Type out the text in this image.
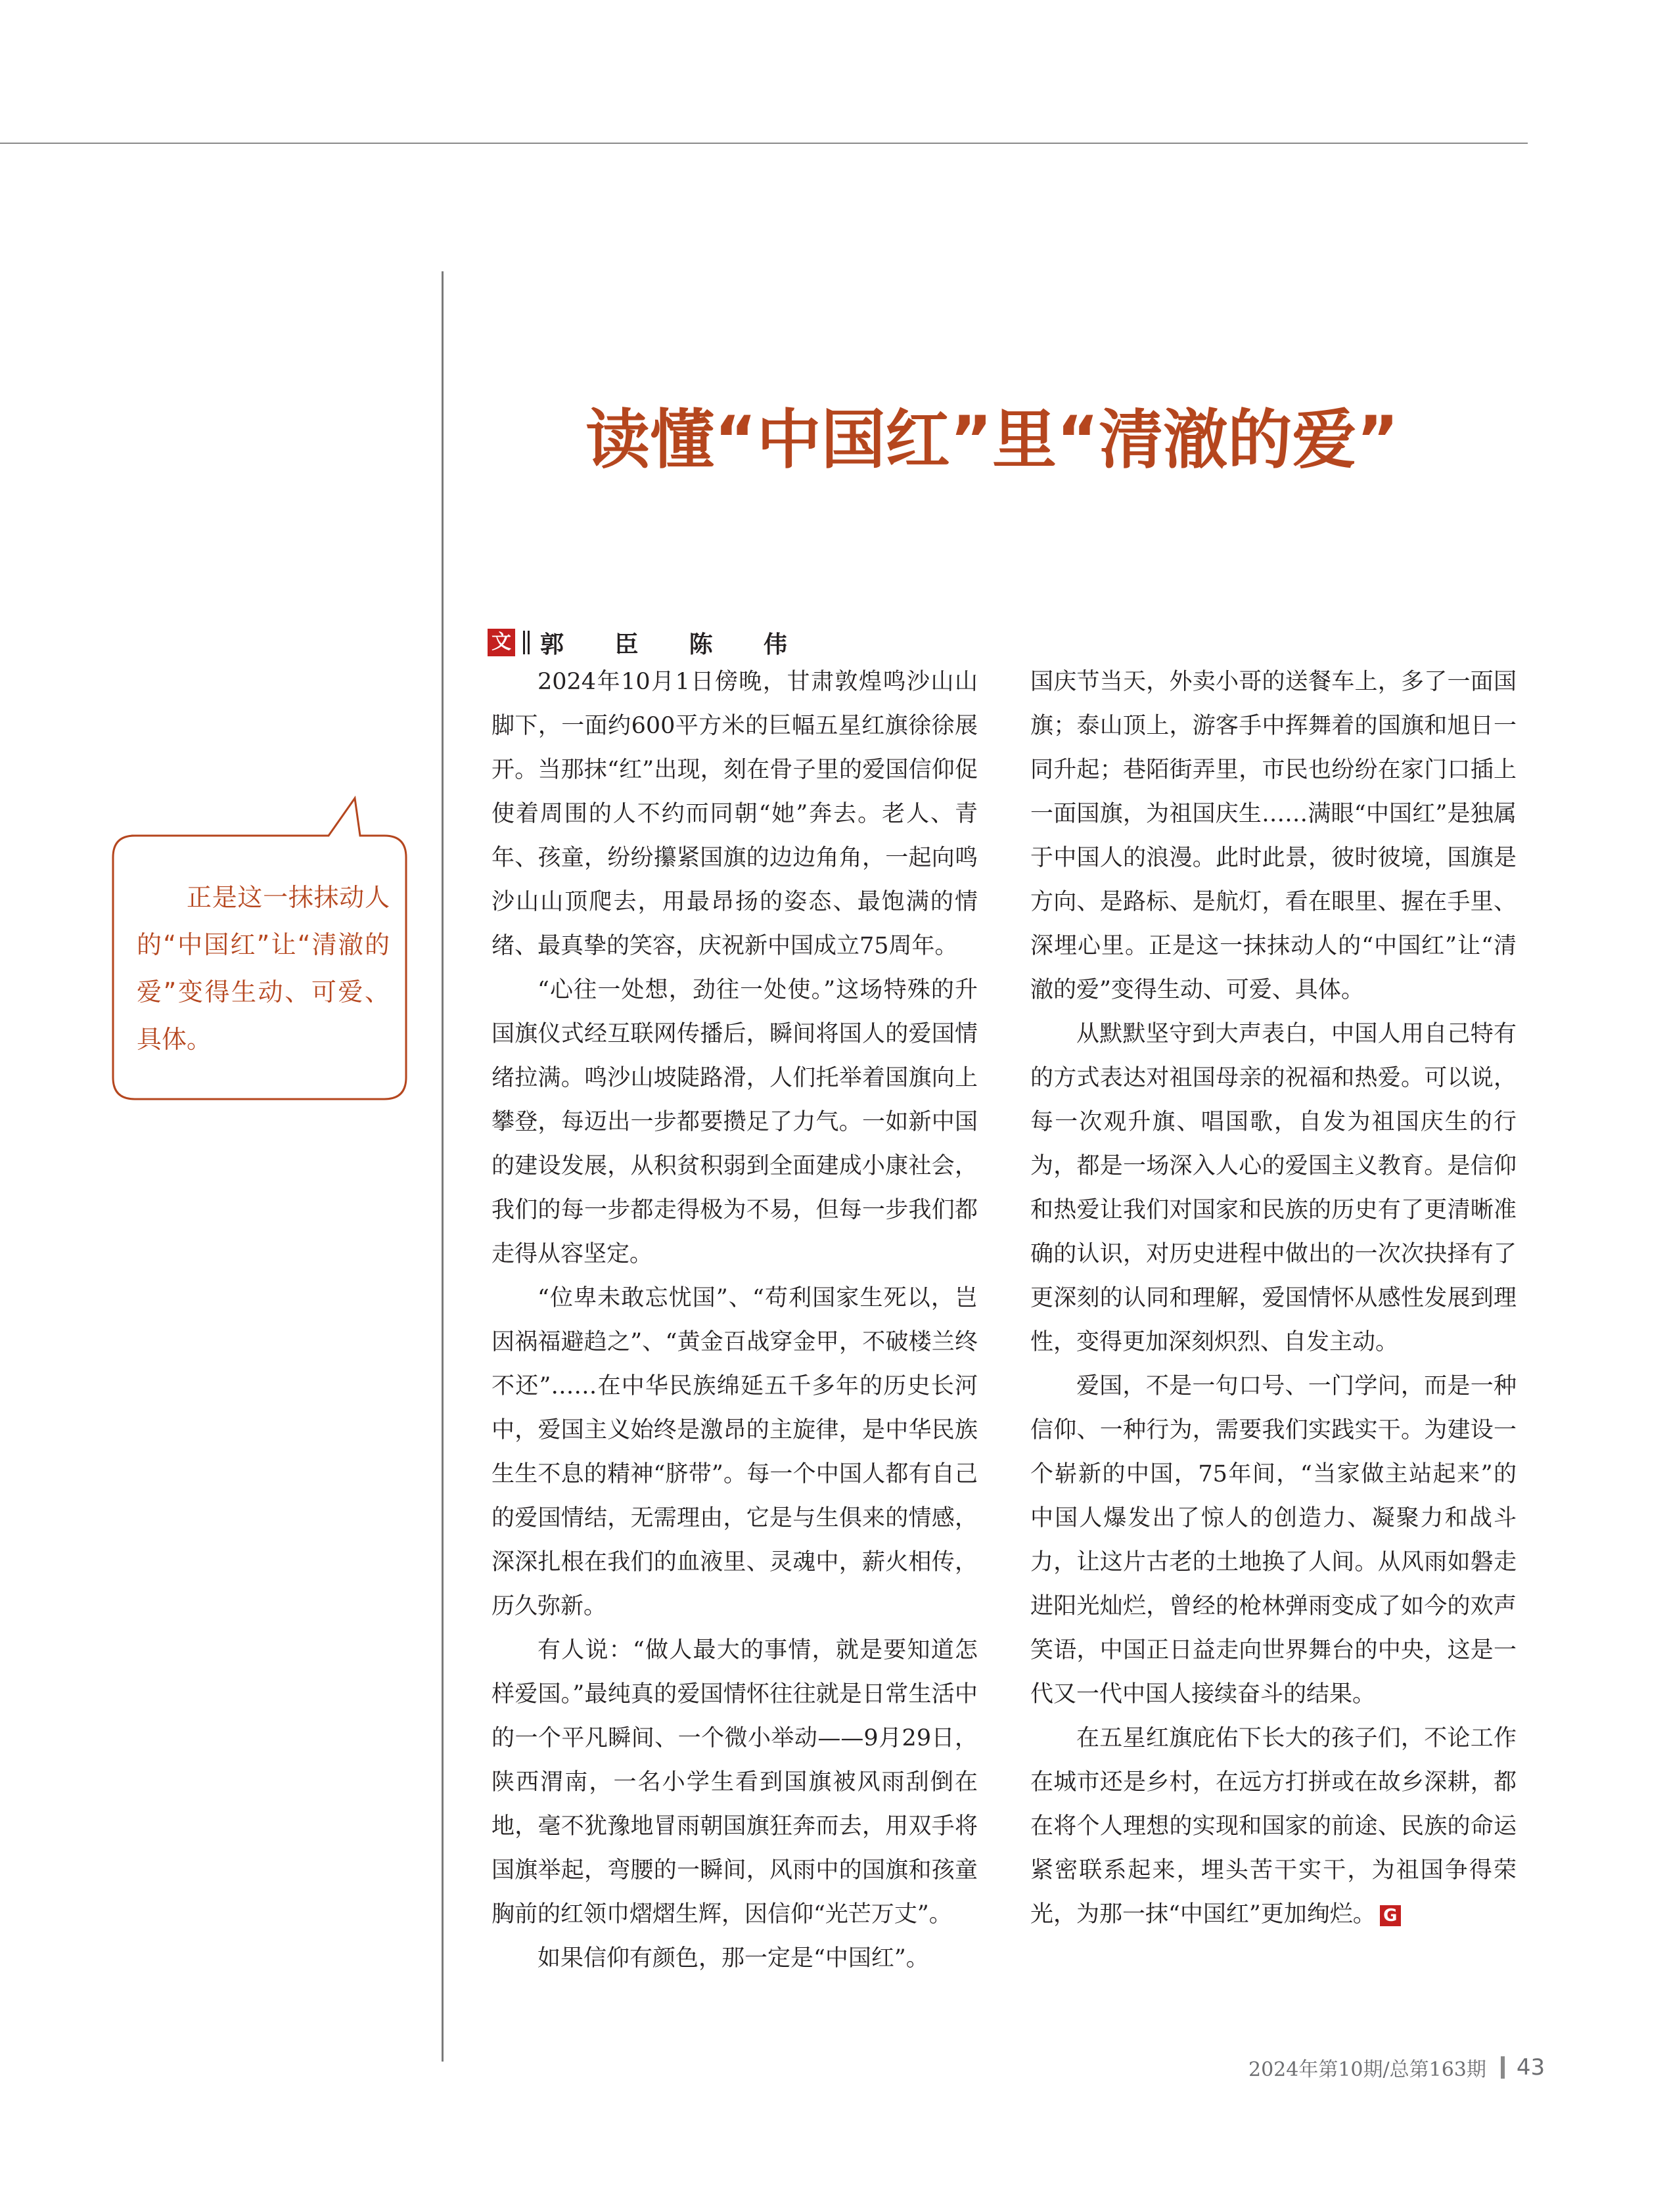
读懂“中国红”里“清澈的爱”
文 郭 臣 陈 伟

正是这一抹抹动人的“中国红”让“清澈的爱”变得生动、可爱、具体。

2024年10月1日傍晚，甘肃敦煌鸣沙山山脚下，一面约600平方米的巨幅五星红旗徐徐展开。当那抹“红”出现，刻在骨子里的爱国信仰促使着周围的人不约而同朝“她”奔去。老人、青年、孩童，纷纷攥紧国旗的边边角角，一起向鸣沙山山顶爬去，用最昂扬的姿态、最饱满的情绪、最真挚的笑容，庆祝新中国成立75周年。

“心往一处想，劲往一处使。”这场特殊的升国旗仪式经互联网传播后，瞬间将国人的爱国情绪拉满。鸣沙山坡陡路滑，人们托举着国旗向上攀登，每迈出一步都要攒足了力气。一如新中国的建设发展，从积贫积弱到全面建成小康社会，我们的每一步都走得极为不易，但每一步我们都走得从容坚定。

“位卑未敢忘忧国”、“苟利国家生死以，岂因祸福避趋之”、“黄金百战穿金甲，不破楼兰终不还”……在中华民族绵延五千多年的历史长河中，爱国主义始终是激昂的主旋律，是中华民族生生不息的精神“脐带”。每一个中国人都有自己的爱国情结，无需理由，它是与生俱来的情感，深深扎根在我们的血液里、灵魂中，薪火相传，历久弥新。

有人说：“做人最大的事情，就是要知道怎样爱国。”最纯真的爱国情怀往往就是日常生活中的一个平凡瞬间、一个微小举动——9月29日，陕西渭南，一名小学生看到国旗被风雨刮倒在地，毫不犹豫地冒雨朝国旗狂奔而去，用双手将国旗举起，弯腰的一瞬间，风雨中的国旗和孩童胸前的红领巾熠熠生辉，因信仰“光芒万丈”。

如果信仰有颜色，那一定是“中国红”。

国庆节当天，外卖小哥的送餐车上，多了一面国旗；泰山顶上，游客手中挥舞着的国旗和旭日一同升起；巷陌街弄里，市民也纷纷在家门口插上一面国旗，为祖国庆生……满眼“中国红”是独属于中国人的浪漫。此时此景，彼时彼境，国旗是方向、是路标、是航灯，看在眼里、握在手里、深埋心里。正是这一抹抹动人的“中国红”让“清澈的爱”变得生动、可爱、具体。

从默默坚守到大声表白，中国人用自己特有的方式表达对祖国母亲的祝福和热爱。可以说，每一次观升旗、唱国歌，自发为祖国庆生的行为，都是一场深入人心的爱国主义教育。是信仰和热爱让我们对国家和民族的历史有了更清晰准确的认识，对历史进程中做出的一次次抉择有了更深刻的认同和理解，爱国情怀从感性发展到理性，变得更加深刻炽烈、自发主动。

爱国，不是一句口号、一门学问，而是一种信仰、一种行为，需要我们实践实干。为建设一个崭新的中国，75年间，“当家做主站起来”的中国人爆发出了惊人的创造力、凝聚力和战斗力，让这片古老的土地换了人间。从风雨如磐走进阳光灿烂，曾经的枪林弹雨变成了如今的欢声笑语，中国正日益走向世界舞台的中央，这是一代又一代中国人接续奋斗的结果。

在五星红旗庇佑下长大的孩子们，不论工作在城市还是乡村，在远方打拼或在故乡深耕，都在将个人理想的实现和国家的前途、民族的命运紧密联系起来，埋头苦干实干，为祖国争得荣光，为那一抹“中国红”更加绚烂。 G

2024年第10期/总第163期 43
